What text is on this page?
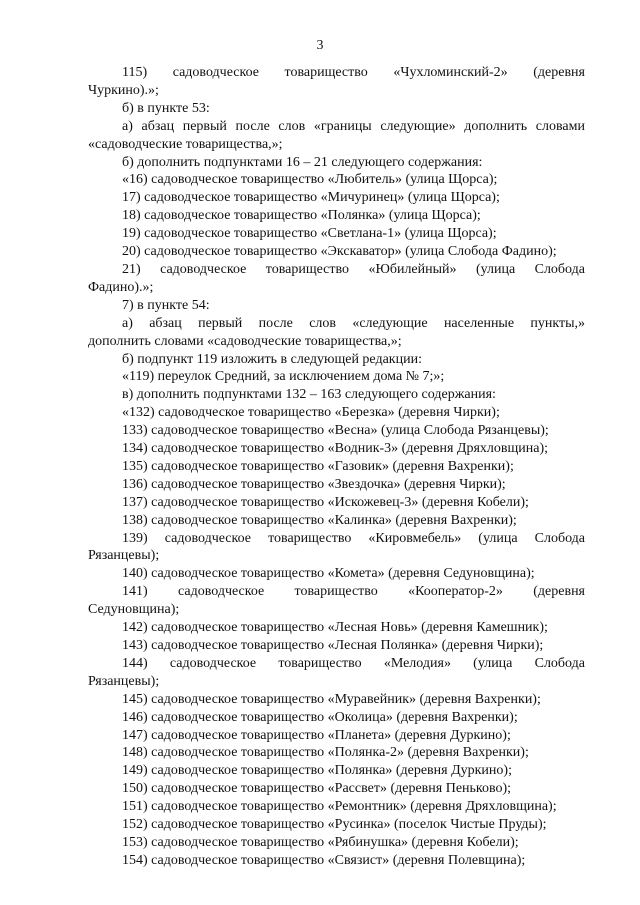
3
115) садоводческое товарищество «Чухломинский-2» (деревня
Чуркино).»;
б) в пункте 53:
а) абзац первый после слов «границы следующие» дополнить словами
«садоводческие товарищества,»;
б) дополнить подпунктами 16 – 21 следующего содержания:
«16) садоводческое товарищество «Любитель» (улица Щорса);
17) садоводческое товарищество «Мичуринец» (улица Щорса);
18) садоводческое товарищество «Полянка» (улица Щорса);
19) садоводческое товарищество «Светлана-1» (улица Щорса);
20) садоводческое товарищество «Экскаватор» (улица Слобода Фадино);
21) садоводческое товарищество «Юбилейный» (улица Слобода
Фадино).»;
7) в пункте 54:
а) абзац первый после слов «следующие населенные пункты,»
дополнить словами «садоводческие товарищества,»;
б) подпункт 119 изложить в следующей редакции:
«119) переулок Средний, за исключением дома № 7;»;
в) дополнить подпунктами 132 – 163 следующего содержания:
«132) садоводческое товарищество «Березка» (деревня Чирки);
133) садоводческое товарищество «Весна» (улица Слобода Рязанцевы);
134) садоводческое товарищество «Водник-3» (деревня Дряхловщина);
135) садоводческое товарищество «Газовик» (деревня Вахренки);
136) садоводческое товарищество «Звездочка» (деревня Чирки);
137) садоводческое товарищество «Искожевец-3» (деревня Кобели);
138) садоводческое товарищество «Калинка» (деревня Вахренки);
139) садоводческое товарищество «Кировмебель» (улица Слобода
Рязанцевы);
140) садоводческое товарищество «Комета» (деревня Седуновщина);
141) садоводческое товарищество «Кооператор-2» (деревня
Седуновщина);
142) садоводческое товарищество «Лесная Новь» (деревня Камешник);
143) садоводческое товарищество «Лесная Полянка» (деревня Чирки);
144) садоводческое товарищество «Мелодия» (улица Слобода
Рязанцевы);
145) садоводческое товарищество «Муравейник» (деревня Вахренки);
146) садоводческое товарищество «Околица» (деревня Вахренки);
147) садоводческое товарищество «Планета» (деревня Дуркино);
148) садоводческое товарищество «Полянка-2» (деревня Вахренки);
149) садоводческое товарищество «Полянка» (деревня Дуркино);
150) садоводческое товарищество «Рассвет» (деревня Пеньково);
151) садоводческое товарищество «Ремонтник» (деревня Дряхловщина);
152) садоводческое товарищество «Русинка» (поселок Чистые Пруды);
153) садоводческое товарищество «Рябинушка» (деревня Кобели);
154) садоводческое товарищество «Связист» (деревня Полевщина);
